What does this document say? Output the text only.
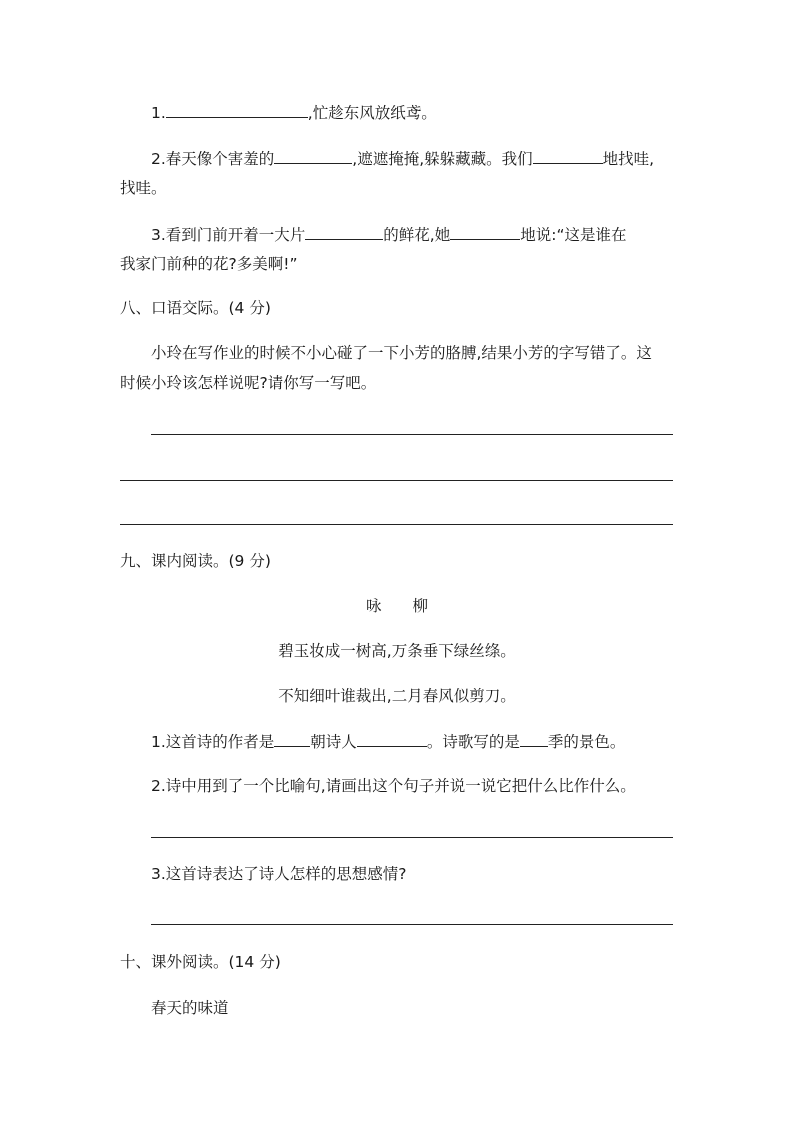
1.	,忙趁东风放纸鸢。
2.春天像个害羞的	,遮遮掩掩,躲躲藏藏。我们	地找哇,
找哇。
3.看到门前开着一大片	的鲜花,她	地说:“这是谁在
我家门前种的花?多美啊!”
八、口语交际。(4 分)
小玲在写作业的时候不小心碰了一下小芳的胳膊,结果小芳的字写错了。这
时候小玲该怎样说呢?请你写一写吧。
九、课内阅读。(9 分)
咏　　柳
碧玉妆成一树高,万条垂下绿丝绦。
不知细叶谁裁出,二月春风似剪刀。
1.这首诗的作者是 朝诗人	。诗歌写的是 季的景色。
2.诗中用到了一个比喻句,请画出这个句子并说一说它把什么比作什么。
3.这首诗表达了诗人怎样的思想感情?
十、课外阅读。(14 分)
春天的味道
